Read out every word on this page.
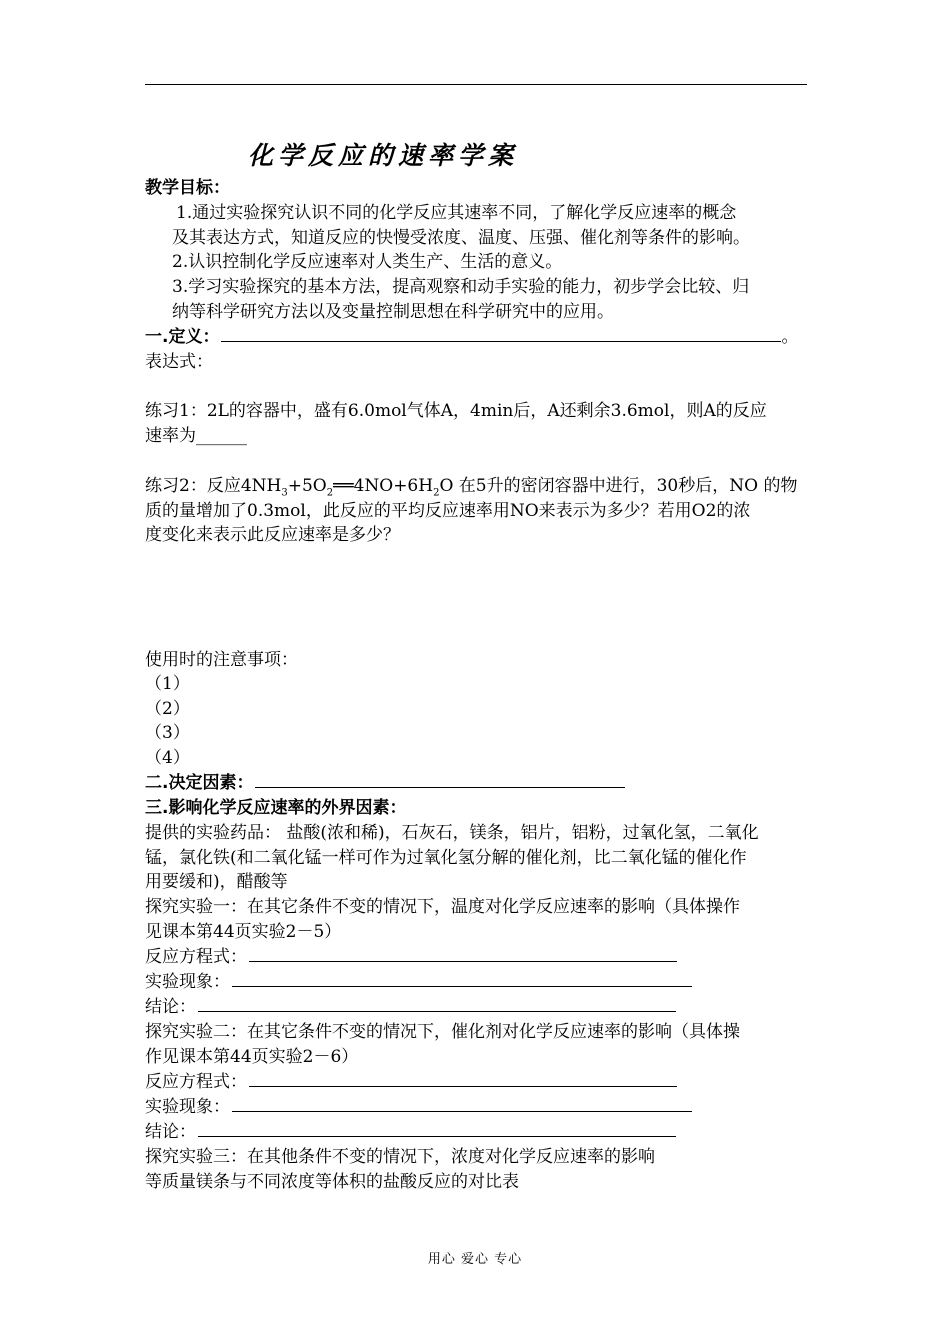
化学反应的速率学案
教学目标：
1.通过实验探究认识不同的化学反应其速率不同，了解化学反应速率的概念
及其表达方式，知道反应的快慢受浓度、温度、压强、催化剂等条件的影响。
2.认识控制化学反应速率对人类生产、生活的意义。
3.学习实验探究的基本方法，提高观察和动手实验的能力，初步学会比较、归
纳等科学研究方法以及变量控制思想在科学研究中的应用。
一.定义：	。
表达式：
练习1：2L的容器中，盛有6.0mol气体A，4min后，A还剩余3.6mol，则A的反应
速率为______
练习2：反应$4NH_3+5O_2══4NO+6H_2O$ 在5升的密闭容器中进行，30秒后，NO 的物
质的量增加了0.3mol，此反应的平均反应速率用NO来表示为多少？若用O2的浓
度变化来表示此反应速率是多少？
使用时的注意事项：
（1）
（2）
（3）
（4）
二.决定因素：
三.影响化学反应速率的外界因素：
提供的实验药品： 盐酸(浓和稀)，石灰石，镁条，铝片，铝粉，过氧化氢，二氧化
锰，氯化铁(和二氧化锰一样可作为过氧化氢分解的催化剂，比二氧化锰的催化作
用要缓和)，醋酸等
探究实验一：在其它条件不变的情况下，温度对化学反应速率的影响（具体操作
见课本第44页实验2－5）
反应方程式：
实验现象：
结论：
探究实验二：在其它条件不变的情况下，催化剂对化学反应速率的影响（具体操
作见课本第44页实验2－6）
反应方程式：
实验现象：
结论：
探究实验三：在其他条件不变的情况下，浓度对化学反应速率的影响
等质量镁条与不同浓度等体积的盐酸反应的对比表
用心 爱心 专心
